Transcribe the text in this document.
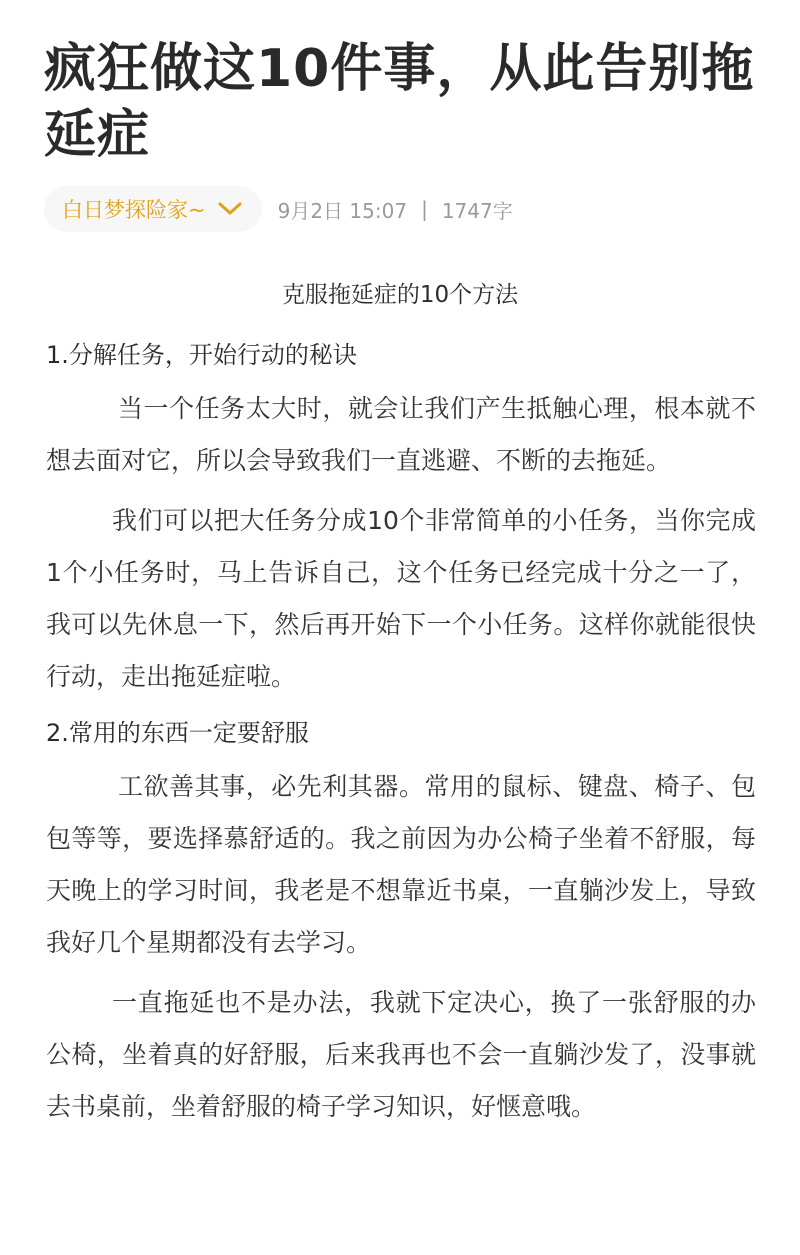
疯狂做这10件事，从此告别拖延症
白日梦探险家~	9月2日 15:07 | 1747字
克服拖延症的10个方法
1.分解任务，开始行动的秘诀

当一个任务太大时，就会让我们产生抵触心理，根本就不想去面对它，所以会导致我们一直逃避、不断的去拖延。

我们可以把大任务分成10个非常简单的小任务，当你完成1个小任务时，马上告诉自己，这个任务已经完成十分之一了，我可以先休息一下，然后再开始下一个小任务。这样你就能很快行动，走出拖延症啦。

2.常用的东西一定要舒服

工欲善其事，必先利其器。常用的鼠标、键盘、椅子、包包等等，要选择慕舒适的。我之前因为办公椅子坐着不舒服，每天晚上的学习时间，我老是不想靠近书桌，一直躺沙发上，导致我好几个星期都没有去学习。

一直拖延也不是办法，我就下定决心，换了一张舒服的办公椅，坐着真的好舒服，后来我再也不会一直躺沙发了，没事就去书桌前，坐着舒服的椅子学习知识，好惬意哦。
